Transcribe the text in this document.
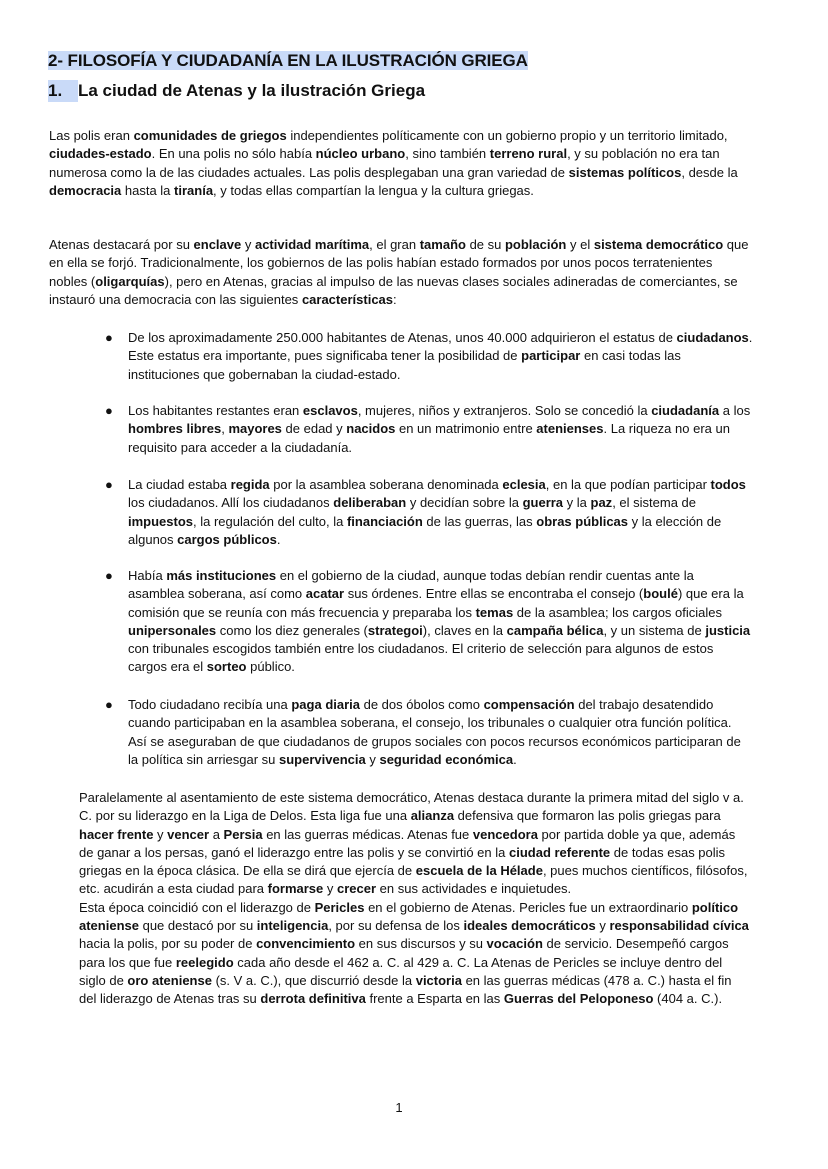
2- FILOSOFÍA Y CIUDADANÍA EN LA ILUSTRACIÓN GRIEGA
1. La ciudad de Atenas y la ilustración Griega

Las polis eran comunidades de griegos independientes políticamente con un gobierno propio y un territorio limitado, ciudades-estado. En una polis no sólo había núcleo urbano, sino también terreno rural, y su población no era tan numerosa como la de las ciudades actuales. Las polis desplegaban una gran variedad de sistemas políticos, desde la democracia hasta la tiranía, y todas ellas compartían la lengua y la cultura griegas.

Atenas destacará por su enclave y actividad marítima, el gran tamaño de su población y el sistema democrático que en ella se forjó. Tradicionalmente, los gobiernos de las polis habían estado formados por unos pocos terratenientes nobles (oligarquías), pero en Atenas, gracias al impulso de las nuevas clases sociales adineradas de comerciantes, se instauró una democracia con las siguientes características:

● De los aproximadamente 250.000 habitantes de Atenas, unos 40.000 adquirieron el estatus de ciudadanos. Este estatus era importante, pues significaba tener la posibilidad de participar en casi todas las instituciones que gobernaban la ciudad-estado.
● Los habitantes restantes eran esclavos, mujeres, niños y extranjeros. Solo se concedió la ciudadanía a los hombres libres, mayores de edad y nacidos en un matrimonio entre atenienses. La riqueza no era un requisito para acceder a la ciudadanía.
● La ciudad estaba regida por la asamblea soberana denominada eclesia, en la que podían participar todos los ciudadanos. Allí los ciudadanos deliberaban y decidían sobre la guerra y la paz, el sistema de impuestos, la regulación del culto, la financiación de las guerras, las obras públicas y la elección de algunos cargos públicos.
● Había más instituciones en el gobierno de la ciudad, aunque todas debían rendir cuentas ante la asamblea soberana, así como acatar sus órdenes. Entre ellas se encontraba el consejo (boulé) que era la comisión que se reunía con más frecuencia y preparaba los temas de la asamblea; los cargos oficiales unipersonales como los diez generales (strategoi), claves en la campaña bélica, y un sistema de justicia con tribunales escogidos también entre los ciudadanos. El criterio de selección para algunos de estos cargos era el sorteo público.
● Todo ciudadano recibía una paga diaria de dos óbolos como compensación del trabajo desatendido cuando participaban en la asamblea soberana, el consejo, los tribunales o cualquier otra función política. Así se aseguraban de que ciudadanos de grupos sociales con pocos recursos económicos participaran de la política sin arriesgar su supervivencia y seguridad económica.

Paralelamente al asentamiento de este sistema democrático, Atenas destaca durante la primera mitad del siglo v a. C. por su liderazgo en la Liga de Delos. Esta liga fue una alianza defensiva que formaron las polis griegas para hacer frente y vencer a Persia en las guerras médicas. Atenas fue vencedora por partida doble ya que, además de ganar a los persas, ganó el liderazgo entre las polis y se convirtió en la ciudad referente de todas esas polis griegas en la época clásica. De ella se dirá que ejercía de escuela de la Hélade, pues muchos científicos, filósofos, etc. acudirán a esta ciudad para formarse y crecer en sus actividades e inquietudes.
Esta época coincidió con el liderazgo de Pericles en el gobierno de Atenas. Pericles fue un extraordinario político ateniense que destacó por su inteligencia, por su defensa de los ideales democráticos y responsabilidad cívica hacia la polis, por su poder de convencimiento en sus discursos y su vocación de servicio. Desempeñó cargos para los que fue reelegido cada año desde el 462 a. C. al 429 a. C. La Atenas de Pericles se incluye dentro del siglo de oro ateniense (s. V a. C.), que discurrió desde la victoria en las guerras médicas (478 a. C.) hasta el fin del liderazgo de Atenas tras su derrota definitiva frente a Esparta en las Guerras del Peloponeso (404 a. C.).

1
